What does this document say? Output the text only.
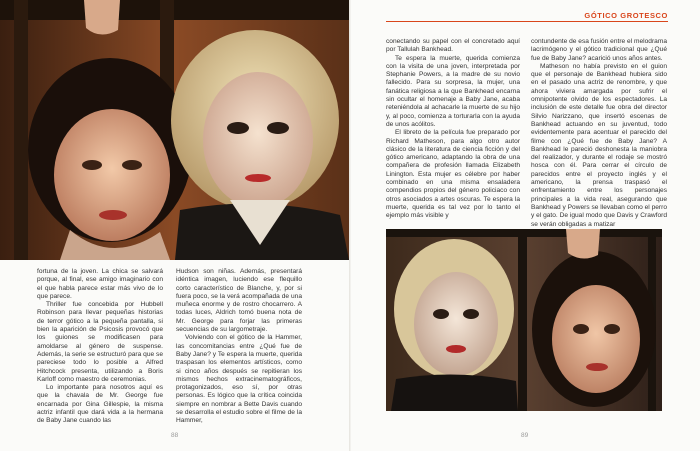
GÓTICO GROTESCO

fortuna de la joven. La chica se salvará porque, al final, ese amigo imaginario con el que habla parece estar más vivo de lo que parece.

Thriller fue concebida por Hubbell Robinson para llevar pequeñas historias de terror gótico a la pequeña pantalla, si bien la aparición de Psicosis provocó que los guiones se modificasen para amoldarse al género de suspense. Además, la serie se estructuró para que se pareciese todo lo posible a Alfred Hitchcock presenta, utilizando a Boris Karloff como maestro de ceremonias.

Lo importante para nosotros aquí es que la chavala de Mr. George fue encarnada por Gina Gillespie, la misma actriz infantil que dará vida a la hermana de Baby Jane cuando las

Hudson son niñas. Además, presentará idéntica imagen, luciendo ese flequillo corto característico de Blanche, y, por si fuera poco, se la verá acompañada de una muñeca enorme y de rostro chocarrero. A todas luces, Aldrich tomó buena nota de Mr. George para forjar las primeras secuencias de su largometraje.

Volviendo con el gótico de la Hammer, las concomitancias entre ¿Qué fue de Baby Jane? y Te espera la muerte, querida traspasan los elementos artísticos, como si cinco años después se repitieran los mismos hechos extracinematográficos, protagonizados, eso sí, por otras personas. Es lógico que la crítica coincida siempre en nombrar a Bette Davis cuando se desarrolla el estudio sobre el filme de la Hammer,

conectando su papel con el concretado aquí por Tallulah Bankhead.

Te espera la muerte, querida comienza con la visita de una joven, interpretada por Stephanie Powers, a la madre de su novio fallecido. Para su sorpresa, la mujer, una fanática religiosa a la que Bankhead encarna sin ocultar el homenaje a Baby Jane, acaba reteniéndola al achacarle la muerte de su hijo y, al poco, comienza a torturarla con la ayuda de unos acólitos.

El libreto de la película fue preparado por Richard Matheson, para algo otro autor clásico de la literatura de ciencia ficción y del gótico americano, adaptando la obra de una compañera de profesión llamada Elizabeth Linington. Esta mujer es célebre por haber combinado en una misma ensaladera compendios propios del género policiaco con otros asociados a artes oscuras. Te espera la muerte, querida es tal vez por lo tanto el ejemplo más visible y

contundente de esa fusión entre el melodrama lacrimógeno y el gótico tradicional que ¿Qué fue de Baby Jane? acarició unos años antes.

Matheson no había previsto en el guion que el personaje de Bankhead hubiera sido en el pasado una actriz de renombre, y que ahora viviera amargada por sufrir el omnipotente olvido de los espectadores. La inclusión de este detalle fue obra del director Silvio Narizzano, que insertó escenas de Bankhead actuando en su juventud, todo evidentemente para acentuar el parecido del filme con ¿Qué fue de Baby Jane? A Bankhead le pareció deshonesta la maniobra del realizador, y durante el rodaje se mostró hosca con él. Para cerrar el círculo de parecidos entre el proyecto inglés y el americano, la prensa traspasó el enfrentamiento entre los personajes principales a la vida real, asegurando que Bankhead y Powers se llevaban como el perro y el gato. De igual modo que Davis y Crawford se verán obligadas a matizar

88	89
